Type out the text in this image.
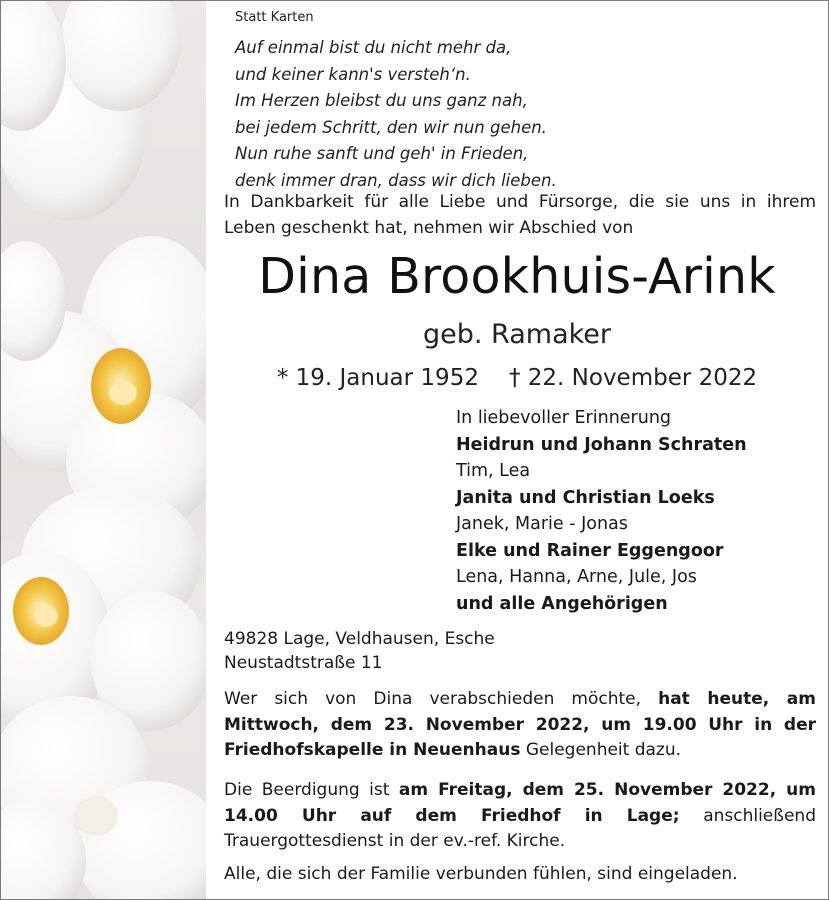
Statt Karten
Auf einmal bist du nicht mehr da,
und keiner kann's versteh‘n.
Im Herzen bleibst du uns ganz nah,
bei jedem Schritt, den wir nun gehen.
Nun ruhe sanft und geh' in Frieden,
denk immer dran, dass wir dich lieben.
In Dankbarkeit für alle Liebe und Fürsorge, die sie uns in ihrem Leben geschenkt hat, nehmen wir Abschied von
Dina Brookhuis-Arink
geb. Ramaker
* 19. Januar 1952 † 22. November 2022
In liebevoller Erinnerung
Heidrun und Johann Schraten
Tim, Lea
Janita und Christian Loeks
Janek, Marie - Jonas
Elke und Rainer Eggengoor
Lena, Hanna, Arne, Jule, Jos
und alle Angehörigen
49828 Lage, Veldhausen, Esche
Neustadtstraße 11
Wer sich von Dina verabschieden möchte, hat heute, am Mittwoch, dem 23. November 2022, um 19.00 Uhr in der Friedhofskapelle in Neuenhaus Gelegenheit dazu.
Die Beerdigung ist am Freitag, dem 25. November 2022, um 14.00 Uhr auf dem Friedhof in Lage; anschließend Trauergottesdienst in der ev.-ref. Kirche.
Alle, die sich der Familie verbunden fühlen, sind eingeladen.
